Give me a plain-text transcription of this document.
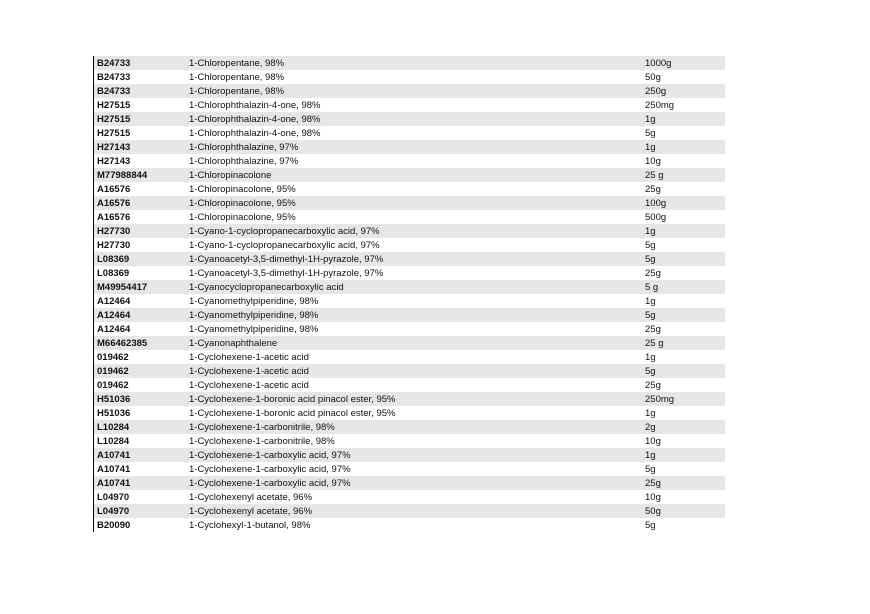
B24733	1-Chloropentane, 98%	1000g
B24733	1-Chloropentane, 98%	50g
B24733	1-Chloropentane, 98%	250g
H27515	1-Chlorophthalazin-4-one, 98%	250mg
H27515	1-Chlorophthalazin-4-one, 98%	1g
H27515	1-Chlorophthalazin-4-one, 98%	5g
H27143	1-Chlorophthalazine, 97%	1g
H27143	1-Chlorophthalazine, 97%	10g
M77988844	1-Chloropinacolone	25 g
A16576	1-Chloropinacolone, 95%	25g
A16576	1-Chloropinacolone, 95%	100g
A16576	1-Chloropinacolone, 95%	500g
H27730	1-Cyano-1-cyclopropanecarboxylic acid, 97%	1g
H27730	1-Cyano-1-cyclopropanecarboxylic acid, 97%	5g
L08369	1-Cyanoacetyl-3,5-dimethyl-1H-pyrazole, 97%	5g
L08369	1-Cyanoacetyl-3,5-dimethyl-1H-pyrazole, 97%	25g
M49954417	1-Cyanocyclopropanecarboxylic acid	5 g
A12464	1-Cyanomethylpiperidine, 98%	1g
A12464	1-Cyanomethylpiperidine, 98%	5g
A12464	1-Cyanomethylpiperidine, 98%	25g
M66462385	1-Cyanonaphthalene	25 g
019462	1-Cyclohexene-1-acetic acid	1g
019462	1-Cyclohexene-1-acetic acid	5g
019462	1-Cyclohexene-1-acetic acid	25g
H51036	1-Cyclohexene-1-boronic acid pinacol ester, 95%	250mg
H51036	1-Cyclohexene-1-boronic acid pinacol ester, 95%	1g
L10284	1-Cyclohexene-1-carbonitrile, 98%	2g
L10284	1-Cyclohexene-1-carbonitrile, 98%	10g
A10741	1-Cyclohexene-1-carboxylic acid, 97%	1g
A10741	1-Cyclohexene-1-carboxylic acid, 97%	5g
A10741	1-Cyclohexene-1-carboxylic acid, 97%	25g
L04970	1-Cyclohexenyl acetate, 96%	10g
L04970	1-Cyclohexenyl acetate, 96%	50g
B20090	1-Cyclohexyl-1-butanol, 98%	5g
